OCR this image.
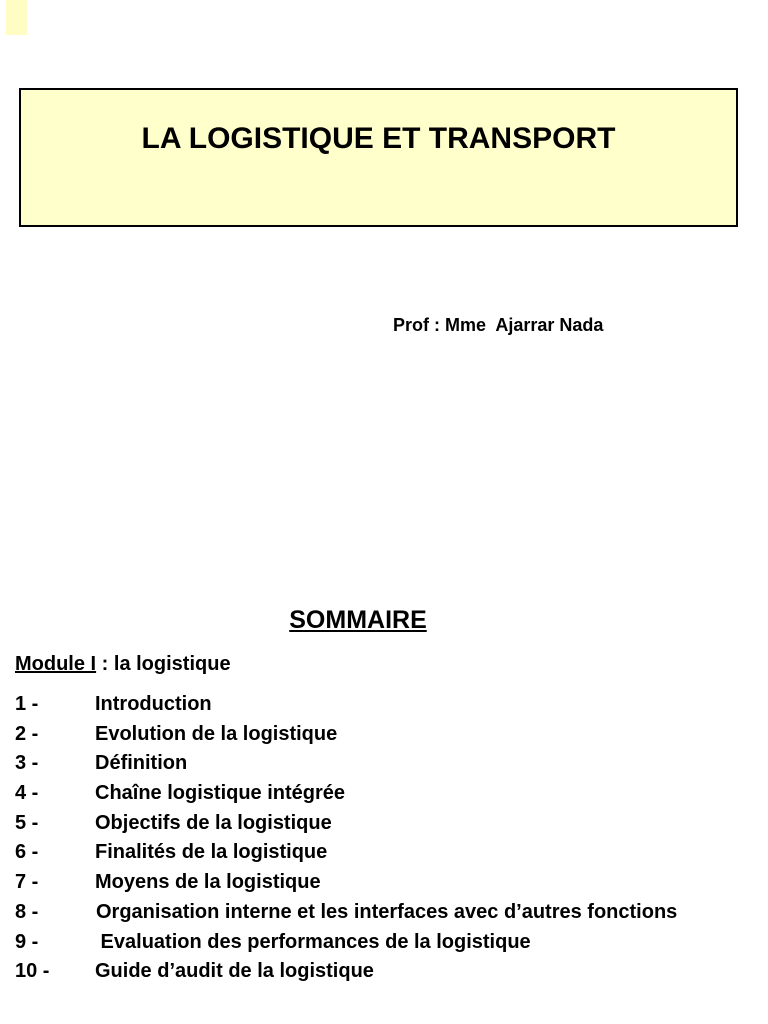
LA LOGISTIQUE ET TRANSPORT
Prof : Mme  Ajarrar Nada
SOMMAIRE
Module I : la logistique
1 -	Introduction
2 -	Evolution de la logistique
3 -	Définition
4 -	Chaîne logistique intégrée
5 -	Objectifs de la logistique
6 -	Finalités de la logistique
7 -	Moyens de la logistique
8 -	Organisation interne et les interfaces avec d’autres fonctions
9 -	Evaluation des performances de la logistique
10 - Guide d’audit de la logistique
